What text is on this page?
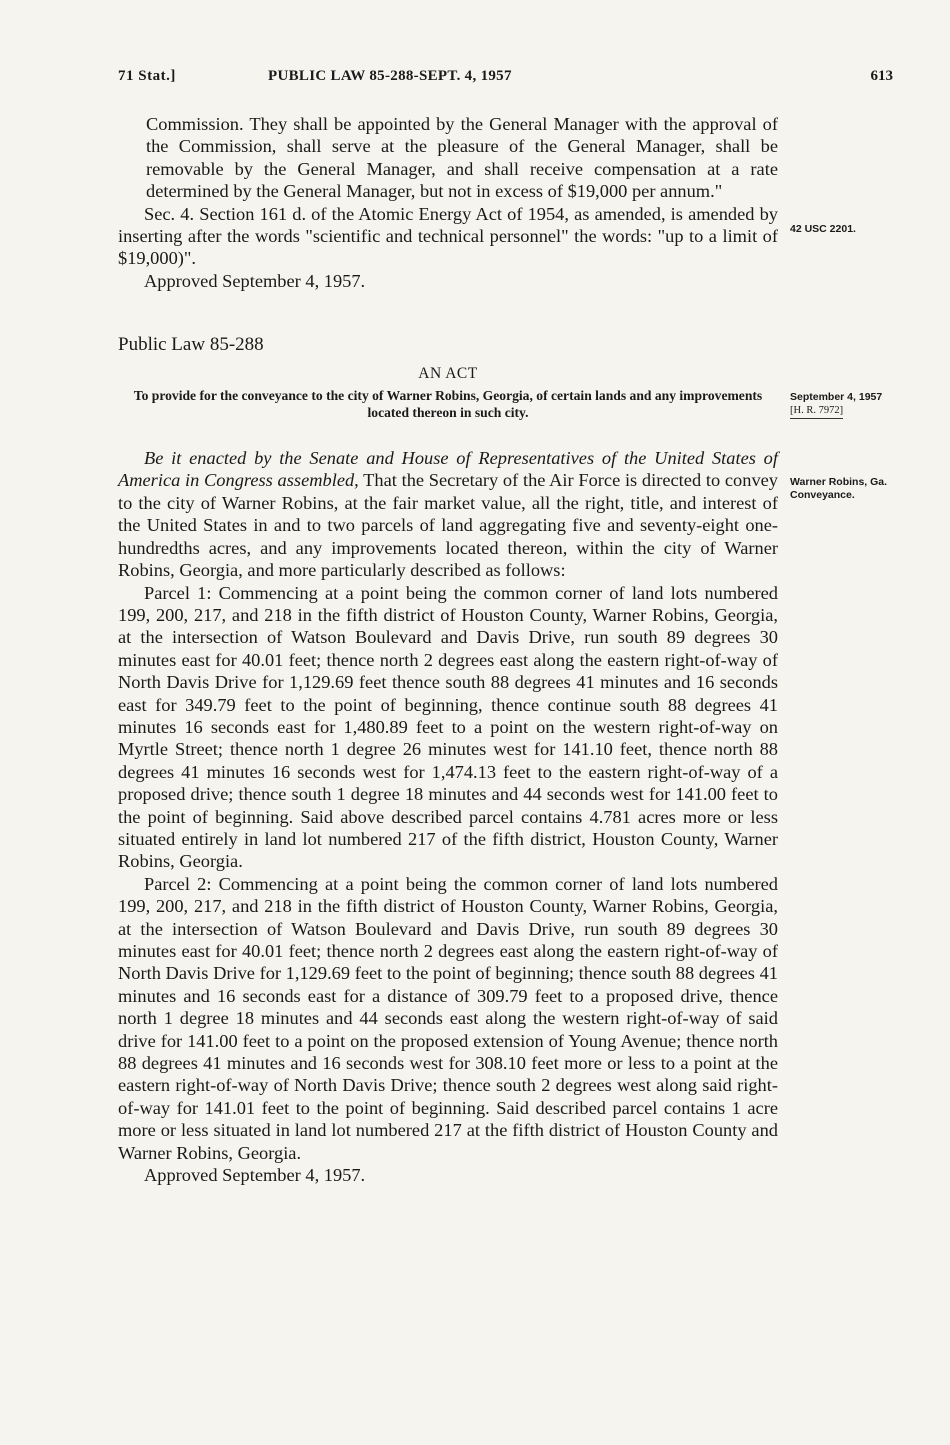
71 Stat.]	PUBLIC LAW 85-288-SEPT. 4, 1957	613

Commission. They shall be appointed by the General Manager with the approval of the Commission, shall serve at the pleasure of the General Manager, shall be removable by the General Manager, and shall receive compensation at a rate determined by the General Manager, but not in excess of $19,000 per annum."

Sec. 4. Section 161 d. of the Atomic Energy Act of 1954, as amended, is amended by inserting after the words "scientific and technical personnel" the words: "up to a limit of $19,000)".

Approved September 4, 1957.

Public Law 85-288
AN ACT
To provide for the conveyance to the city of Warner Robins, Georgia, of certain lands and any improvements located thereon in such city.

Be it enacted by the Senate and House of Representatives of the United States of America in Congress assembled, That the Secretary of the Air Force is directed to convey to the city of Warner Robins, at the fair market value, all the right, title, and interest of the United States in and to two parcels of land aggregating five and seventy-eight one-hundredths acres, and any improvements located thereon, within the city of Warner Robins, Georgia, and more particularly described as follows:

Parcel 1: Commencing at a point being the common corner of land lots numbered 199, 200, 217, and 218 in the fifth district of Houston County, Warner Robins, Georgia, at the intersection of Watson Boulevard and Davis Drive, run south 89 degrees 30 minutes east for 40.01 feet; thence north 2 degrees east along the eastern right-of-way of North Davis Drive for 1,129.69 feet thence south 88 degrees 41 minutes and 16 seconds east for 349.79 feet to the point of beginning, thence continue south 88 degrees 41 minutes 16 seconds east for 1,480.89 feet to a point on the western right-of-way on Myrtle Street; thence north 1 degree 26 minutes west for 141.10 feet, thence north 88 degrees 41 minutes 16 seconds west for 1,474.13 feet to the eastern right-of-way of a proposed drive; thence south 1 degree 18 minutes and 44 seconds west for 141.00 feet to the point of beginning. Said above described parcel contains 4.781 acres more or less situated entirely in land lot numbered 217 of the fifth district, Houston County, Warner Robins, Georgia.

Parcel 2: Commencing at a point being the common corner of land lots numbered 199, 200, 217, and 218 in the fifth district of Houston County, Warner Robins, Georgia, at the intersection of Watson Boulevard and Davis Drive, run south 89 degrees 30 minutes east for 40.01 feet; thence north 2 degrees east along the eastern right-of-way of North Davis Drive for 1,129.69 feet to the point of beginning; thence south 88 degrees 41 minutes and 16 seconds east for a distance of 309.79 feet to a proposed drive, thence north 1 degree 18 minutes and 44 seconds east along the western right-of-way of said drive for 141.00 feet to a point on the proposed extension of Young Avenue; thence north 88 degrees 41 minutes and 16 seconds west for 308.10 feet more or less to a point at the eastern right-of-way of North Davis Drive; thence south 2 degrees west along said right-of-way for 141.01 feet to the point of beginning. Said described parcel contains 1 acre more or less situated in land lot numbered 217 at the fifth district of Houston County and Warner Robins, Georgia.

Approved September 4, 1957.

42 USC 2201.
September 4, 1957
[H. R. 7972]
Warner Robins, Ga.
Conveyance.
